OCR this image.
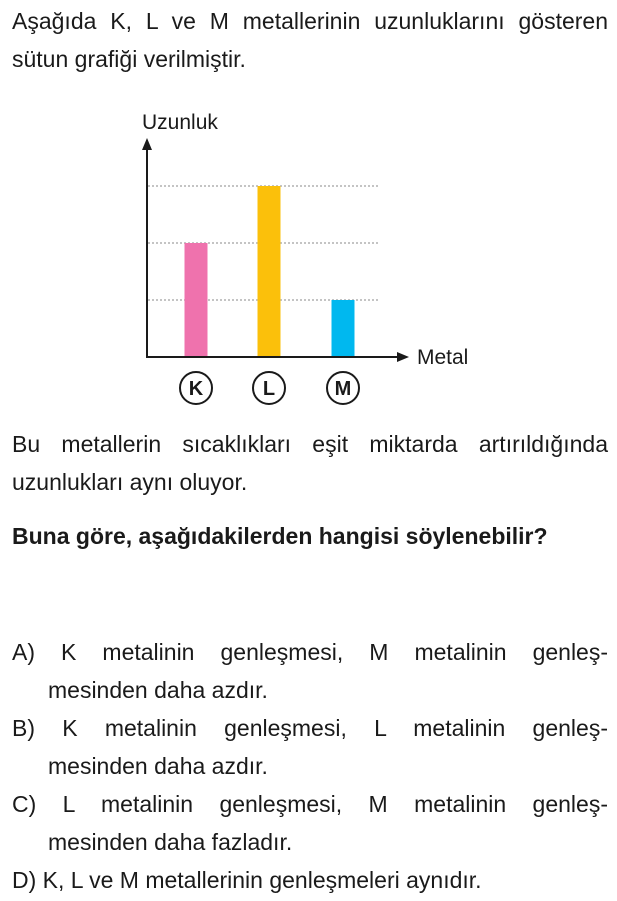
Aşağıda K, L ve M metallerinin uzunluklarını gösteren sütun grafiği verilmiştir.

Uzunluk
Metal
K	L	M

Bu metallerin sıcaklıkları eşit miktarda artırıldığında uzunlukları aynı oluyor.

Buna göre, aşağıdakilerden hangisi söylenebilir?

A) K metalinin genleşmesi, M metalinin genleş-
mesinden daha azdır.
B) K metalinin genleşmesi, L metalinin genleş-
mesinden daha azdır.
C) L metalinin genleşmesi, M metalinin genleş-
mesinden daha fazladır.
D) K, L ve M metallerinin genleşmeleri aynıdır.
